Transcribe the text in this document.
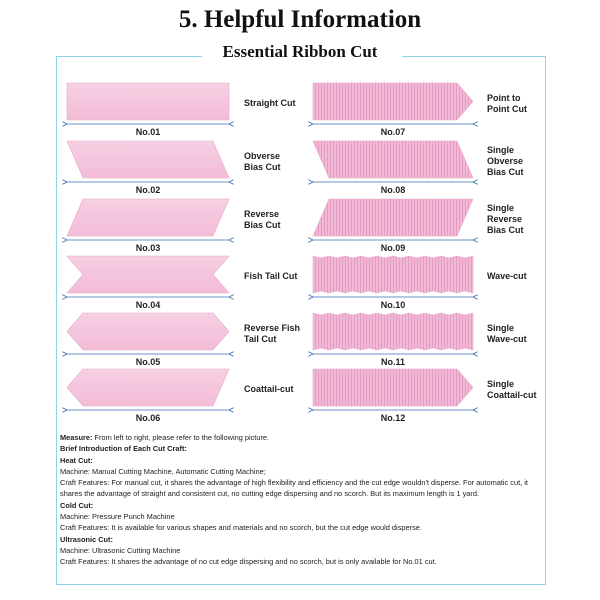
5. Helpful Information
Essential Ribbon Cut
No.01
Straight Cut
No.02
Obverse
Bias Cut
No.03
Reverse
Bias Cut
No.04
Fish Tail Cut
No.05
Reverse Fish
Tail Cut
No.06
Coattail-cut
No.07
Point to
Point Cut
No.08
Single
Obverse
Bias Cut
No.09
Single
Reverse
Bias Cut
No.10
Wave-cut
No.11
Single
Wave-cut
No.12
Single
Coattail-cut
Measure: From left to right, please refer to the following picture.
Brief Introduction of Each Cut Craft:
Heat Cut:
Machine: Manual Cutting Machine, Automatic Cutting Machine;
Craft Features: For manual cut, it shares the advantage of high flexibility and efficiency and the cut edge wouldn't disperse. For automatic cut, it shares the advantage of straight and consistent cut, no cutting edge dispersing and no scorch. But its maximum length is 1 yard.
Cold Cut:
Machine: Pressure Punch Machine
Craft Features: It is available for various shapes and materials and no scorch, but the cut edge would disperse.
Ultrasonic Cut:
Machine: Ultrasonic Cutting Machine
Craft Features: It shares the advantage of no cut edge dispersing and no scorch, but is only available for No.01 cut.
